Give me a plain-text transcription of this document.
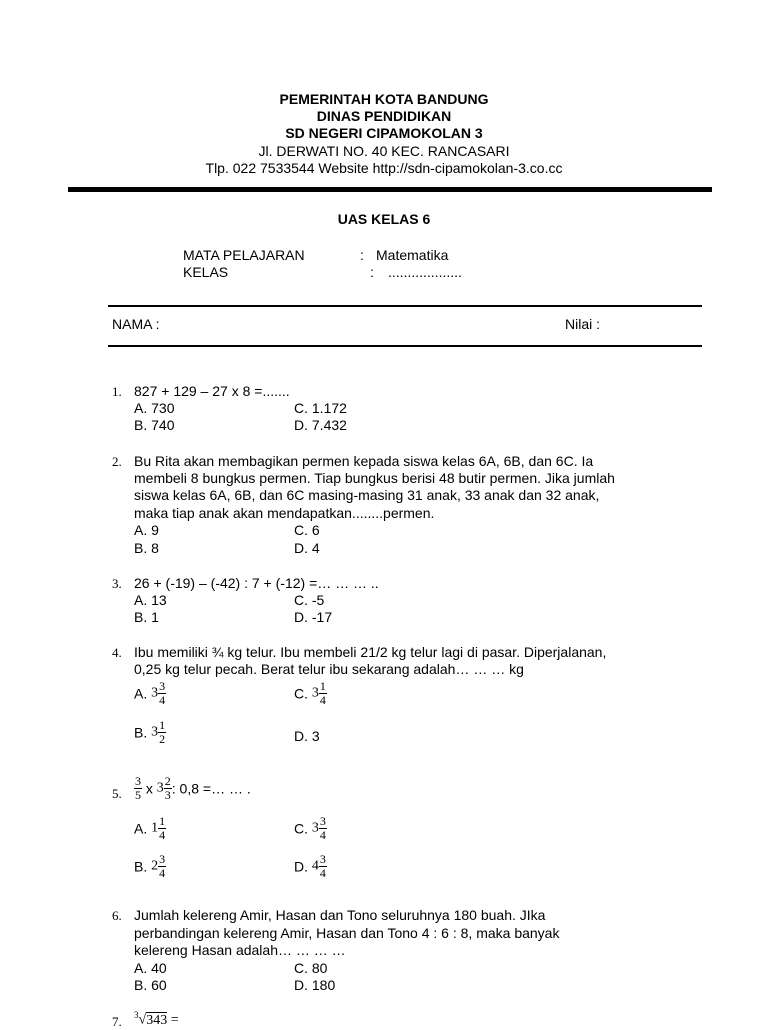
PEMERINTAH KOTA BANDUNG
DINAS PENDIDIKAN
SD NEGERI CIPAMOKOLAN 3
Jl. DERWATI NO. 40 KEC. RANCASARI
Tlp. 022 7533544 Website http://sdn-cipamokolan-3.co.cc
UAS KELAS 6
MATA PELAJARAN	: Matematika
KELAS	: ...................
NAMA :	Nilai :
1. 827 + 129 – 27 x 8 =.......
A. 730	C. 1.172
B. 740	D. 7.432
2. Bu Rita akan membagikan permen kepada siswa kelas 6A, 6B, dan 6C. Ia
membeli 8 bungkus permen. Tiap bungkus berisi 48 butir permen. Jika jumlah
siswa kelas 6A, 6B, dan 6C masing-masing 31 anak, 33 anak dan 32 anak,
maka tiap anak akan mendapatkan........permen.
A. 9	C. 6
B. 8	D. 4
3. 26 + (-19) – (-42) : 7 + (-12) =… … … ..
A. 13	C. -5
B. 1	D. -17
4. Ibu memiliki ¾ kg telur. Ibu membeli 21/2 kg telur lagi di pasar. Diperjalanan,
0,25 kg telur pecah. Berat telur ibu sekarang adalah… … … kg
A. $3 \frac{3}{4}$	C. $3 \frac{1}{4}$
B. $3 \frac{1}{2}$	D. 3
5. $\frac{3}{5}$ x $3 \frac{2}{3}$ : 0,8 =… … .
A. $1 \frac{1}{4}$	C. $3 \frac{3}{4}$
B. $2 \frac{3}{4}$	D. $4 \frac{3}{4}$
6. Jumlah kelereng Amir, Hasan dan Tono seluruhnya 180 buah. JIka
perbandingan kelereng Amir, Hasan dan Tono 4 : 6 : 8, maka banyak
kelereng Hasan adalah… … … …
A. 40	C. 80
B. 60	D. 180
7. $^3$√343 =
